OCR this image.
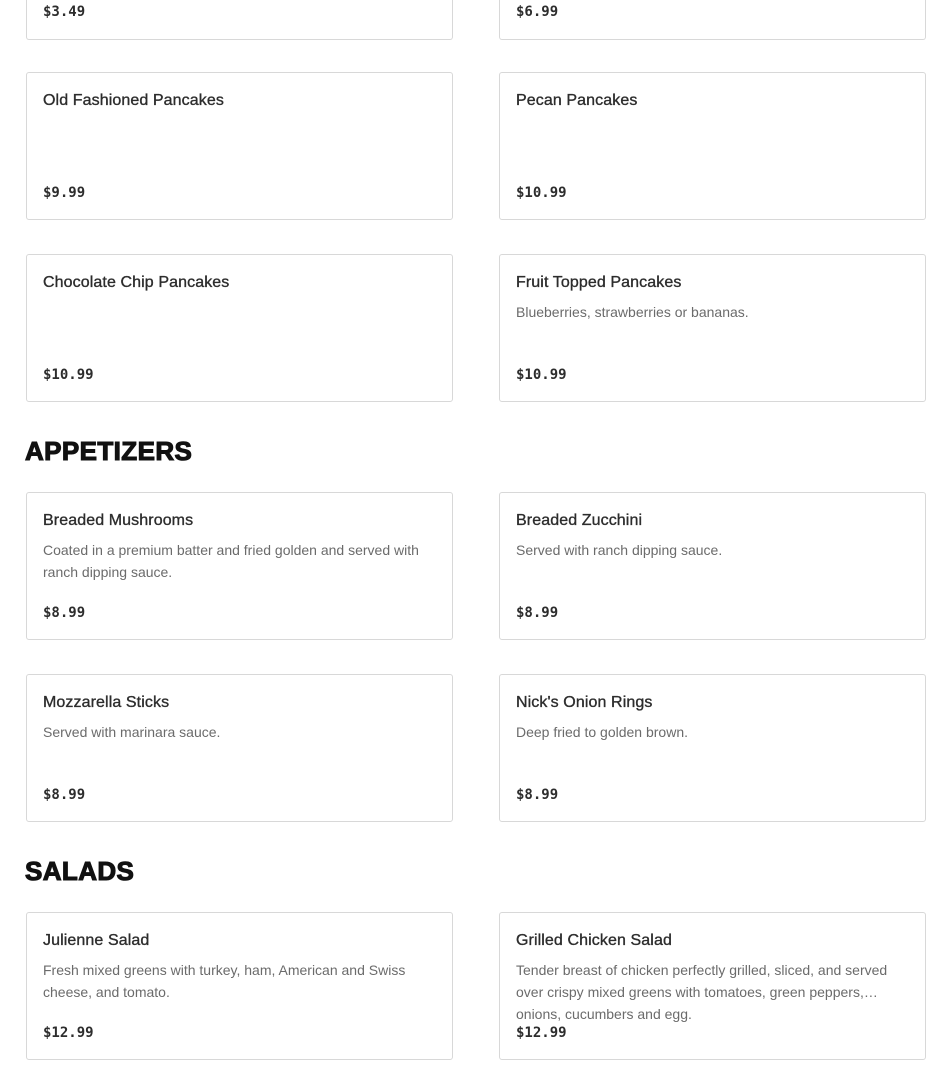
$3.49	$6.99
Old Fashioned Pancakes
$9.99
Pecan Pancakes
$10.99
Chocolate Chip Pancakes
$10.99
Fruit Topped Pancakes
Blueberries, strawberries or bananas.
$10.99
APPETIZERS
Breaded Mushrooms
Coated in a premium batter and fried golden and served with ranch dipping sauce.
$8.99
Breaded Zucchini
Served with ranch dipping sauce.
$8.99
Mozzarella Sticks
Served with marinara sauce.
$8.99
Nick's Onion Rings
Deep fried to golden brown.
$8.99
SALADS
Julienne Salad
Fresh mixed greens with turkey, ham, American and Swiss cheese, and tomato.
$12.99
Grilled Chicken Salad
Tender breast of chicken perfectly grilled, sliced, and served over crispy mixed greens with tomatoes, green peppers, onions, cucumbers and egg.
$12.99
